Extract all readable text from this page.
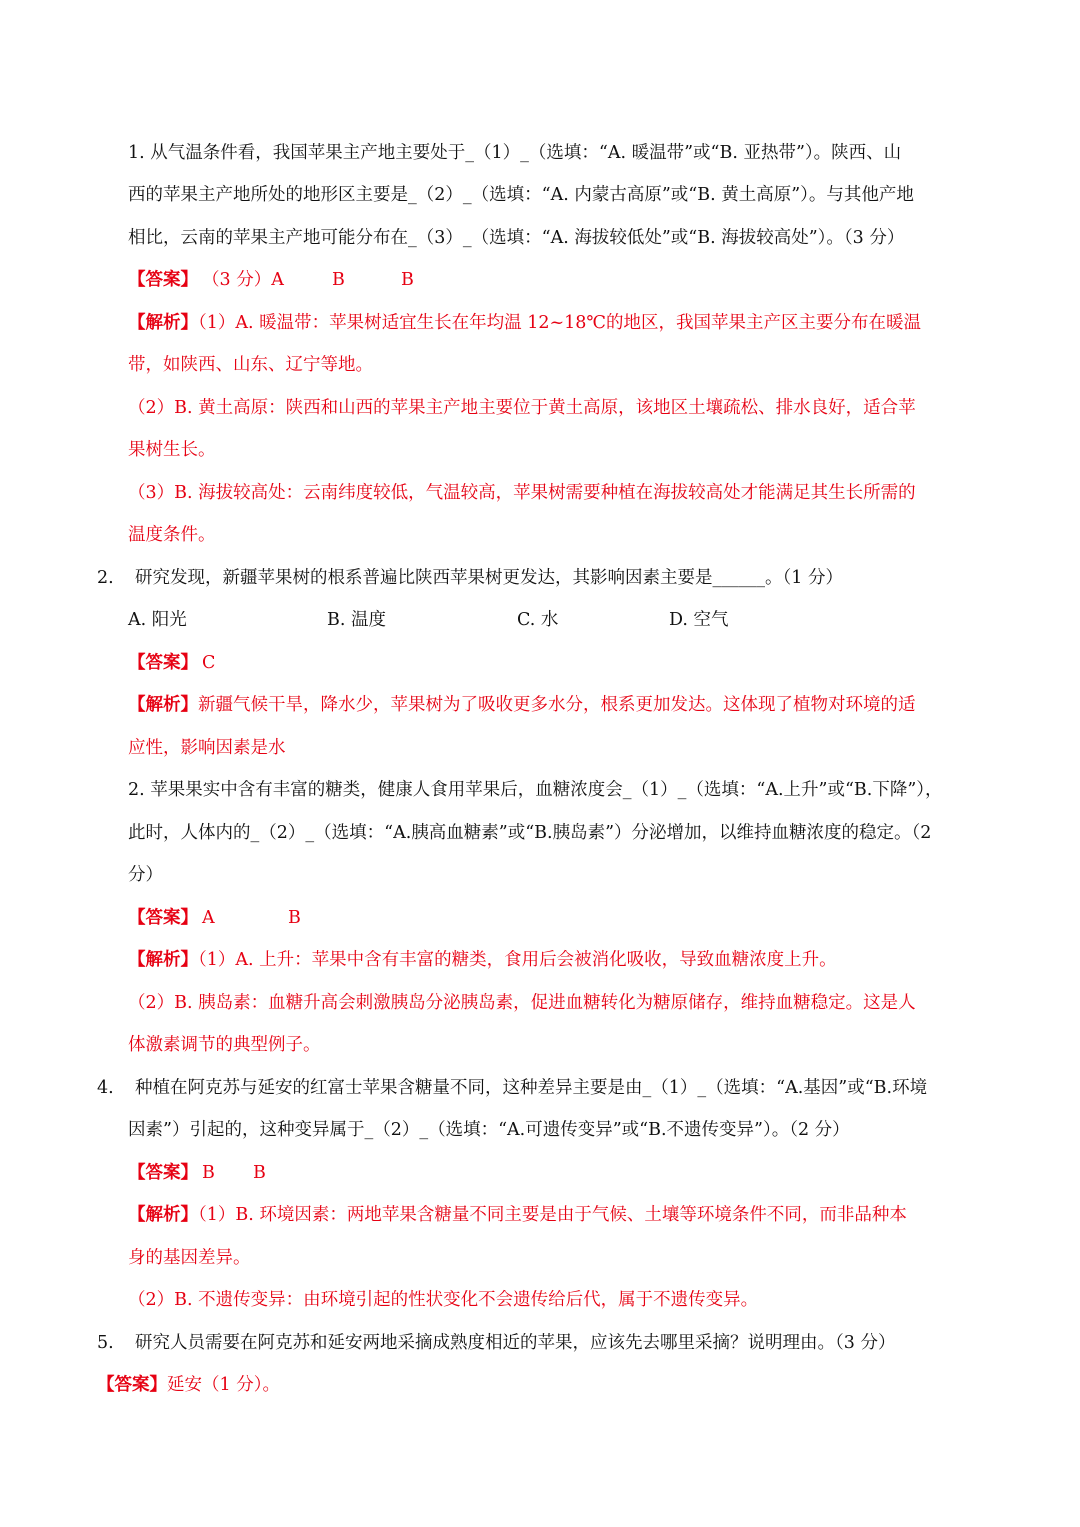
1. 从气温条件看，我国苹果主产地主要处于_（1）_（选填：“A. 暖温带”或“B. 亚热带”）。陕西、山

西的苹果主产地所处的地形区主要是_（2）_（选填：“A. 内蒙古高原”或“B. 黄土高原”）。与其他产地

相比，云南的苹果主产地可能分布在_（3）_（选填：“A. 海拔较低处”或“B. 海拔较高处”）。（3 分）

【答案】 （3 分）A	B	B

【解析】（1）A. 暖温带：苹果树适宜生长在年均温 12~18℃的地区，我国苹果主产区主要分布在暖温

带，如陕西、山东、辽宁等地。

（2）B. 黄土高原：陕西和山西的苹果主产地主要位于黄土高原，该地区土壤疏松、排水良好，适合苹

果树生长。

（3）B. 海拔较高处：云南纬度较低，气温较高，苹果树需要种植在海拔较高处才能满足其生长所需的

温度条件。

2. 研究发现，新疆苹果树的根系普遍比陕西苹果树更发达，其影响因素主要是______。（1 分）
A. 阳光	B. 温度	C. 水	D. 空气
【答案】 C

【解析】新疆气候干旱，降水少，苹果树为了吸收更多水分，根系更加发达。这体现了植物对环境的适

应性，影响因素是水

2. 苹果果实中含有丰富的糖类，健康人食用苹果后，血糖浓度会_（1）_（选填：“A.上升”或“B.下降”），

此时，人体内的_（2）_（选填：“A.胰高血糖素”或“B.胰岛素”）分泌增加，以维持血糖浓度的稳定。（2

分）

【答案】 A	B

【解析】（1）A. 上升：苹果中含有丰富的糖类，食用后会被消化吸收，导致血糖浓度上升。

（2）B. 胰岛素：血糖升高会刺激胰岛分泌胰岛素，促进血糖转化为糖原储存，维持血糖稳定。这是人

体激素调节的典型例子。

4. 种植在阿克苏与延安的红富士苹果含糖量不同，这种差异主要是由_（1）_（选填：“A.基因”或“B.环境

因素”）引起的，这种变异属于_（2）_（选填：“A.可遗传变异”或“B.不遗传变异”）。（2 分）

【答案】 B B

【解析】（1）B. 环境因素：两地苹果含糖量不同主要是由于气候、土壤等环境条件不同，而非品种本

身的基因差异。

（2）B. 不遗传变异：由环境引起的性状变化不会遗传给后代，属于不遗传变异。

5. 研究人员需要在阿克苏和延安两地采摘成熟度相近的苹果，应该先去哪里采摘？说明理由。（3 分）

【答案】延安（1 分）。
